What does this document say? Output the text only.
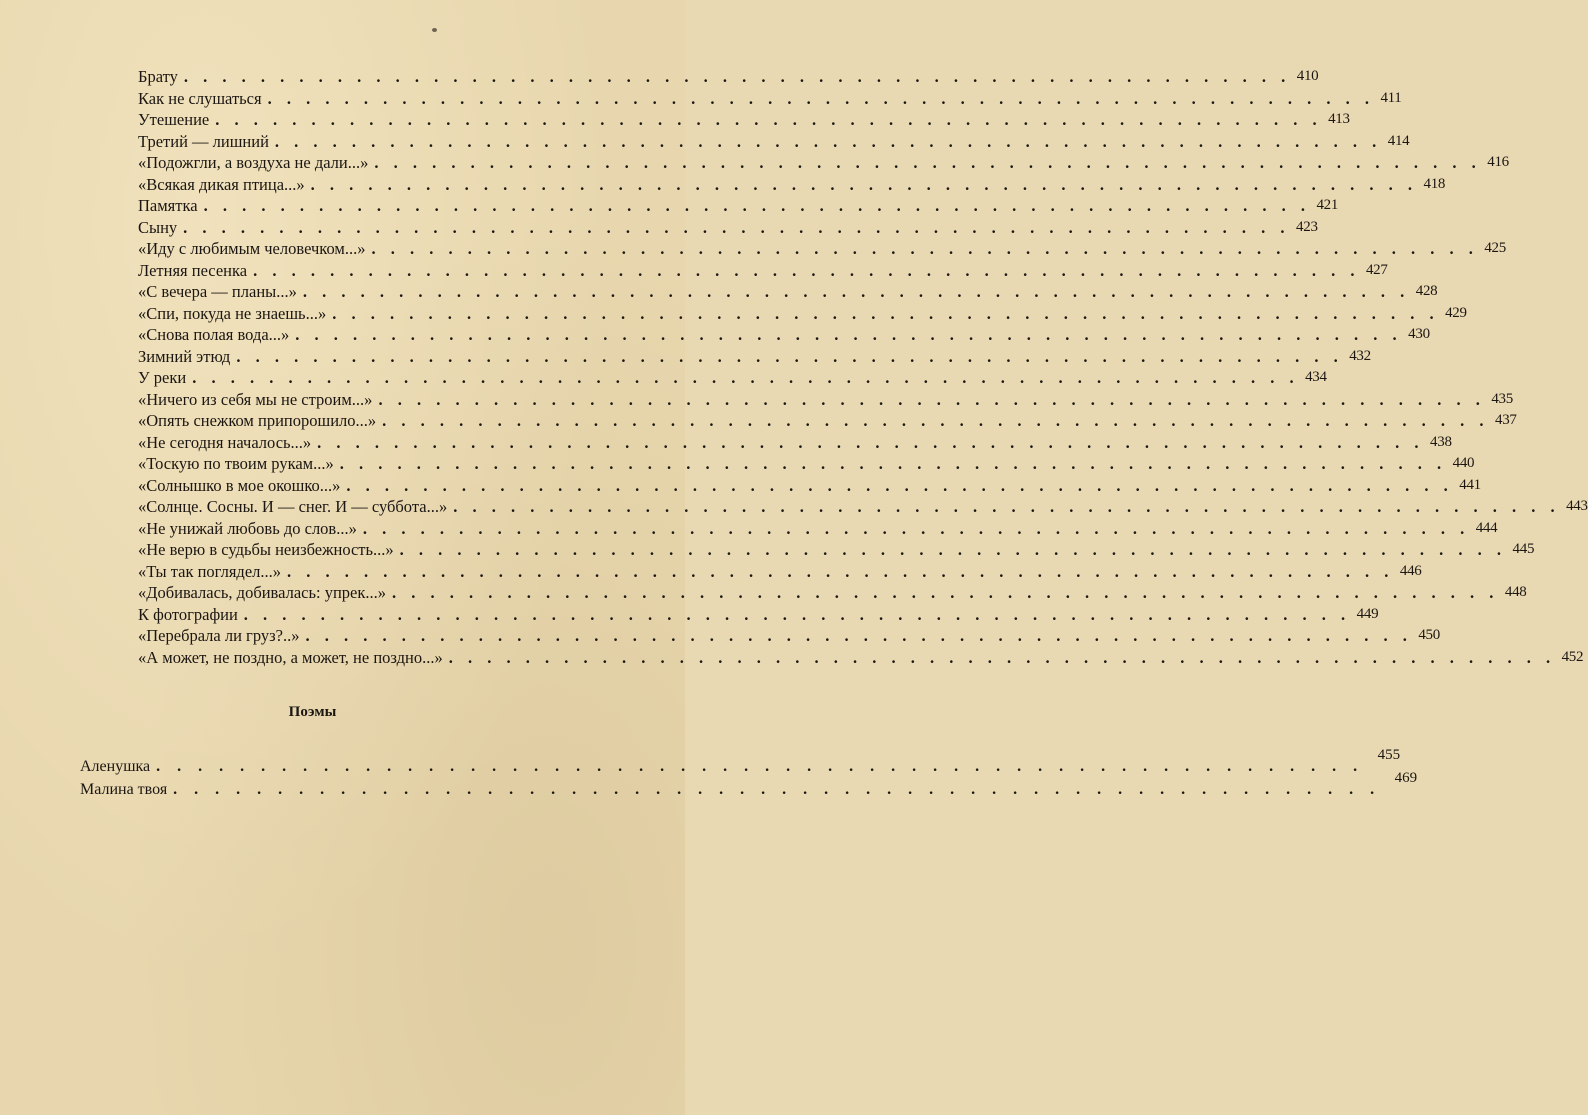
Брату . . . . . . . . . . . . . . . . . . . . . . . . . . . . . . . . . . . . . . . . . . . . . . . . . . . . . . . . . . 410
Как не слушаться . . . . . . . . . . . . . . . . . . . . . . . . . . . . . . . . . . . . . . . . . . . . . . . . . . . . . . . . . . 411
Утешение . . . . . . . . . . . . . . . . . . . . . . . . . . . . . . . . . . . . . . . . . . . . . . . . . . . . . . . . . . 413
Третий — лишний . . . . . . . . . . . . . . . . . . . . . . . . . . . . . . . . . . . . . . . . . . . . . . . . . . . . . . . . . . 414
«Подожгли, а воздуха не дали...» . . . . . . . . . . . . . . . . . . . . . . . . . . . . . . . . . . . . . . . . . . . . . . . . . . . . . . . . . . 416
«Всякая дикая птица...» . . . . . . . . . . . . . . . . . . . . . . . . . . . . . . . . . . . . . . . . . . . . . . . . . . . . . . . . . . 418
Памятка . . . . . . . . . . . . . . . . . . . . . . . . . . . . . . . . . . . . . . . . . . . . . . . . . . . . . . . . . . 421
Сыну . . . . . . . . . . . . . . . . . . . . . . . . . . . . . . . . . . . . . . . . . . . . . . . . . . . . . . . . . . 423
«Иду с любимым человечком...» . . . . . . . . . . . . . . . . . . . . . . . . . . . . . . . . . . . . . . . . . . . . . . . . . . . . . . . . . . 425
Летняя песенка . . . . . . . . . . . . . . . . . . . . . . . . . . . . . . . . . . . . . . . . . . . . . . . . . . . . . . . . . . 427
«С вечера — планы...» . . . . . . . . . . . . . . . . . . . . . . . . . . . . . . . . . . . . . . . . . . . . . . . . . . . . . . . . . . 428
«Спи, покуда не знаешь...» . . . . . . . . . . . . . . . . . . . . . . . . . . . . . . . . . . . . . . . . . . . . . . . . . . . . . . . . . . 429
«Снова полая вода...» . . . . . . . . . . . . . . . . . . . . . . . . . . . . . . . . . . . . . . . . . . . . . . . . . . . . . . . . . . 430
Зимний этюд . . . . . . . . . . . . . . . . . . . . . . . . . . . . . . . . . . . . . . . . . . . . . . . . . . . . . . . . . . 432
У реки . . . . . . . . . . . . . . . . . . . . . . . . . . . . . . . . . . . . . . . . . . . . . . . . . . . . . . . . . . 434
«Ничего из себя мы не строим...» . . . . . . . . . . . . . . . . . . . . . . . . . . . . . . . . . . . . . . . . . . . . . . . . . . . . . . . . . . 435
«Опять снежком припорошило...» . . . . . . . . . . . . . . . . . . . . . . . . . . . . . . . . . . . . . . . . . . . . . . . . . . . . . . . . . . 437
«Не сегодня началось...» . . . . . . . . . . . . . . . . . . . . . . . . . . . . . . . . . . . . . . . . . . . . . . . . . . . . . . . . . . 438
«Тоскую по твоим рукам...» . . . . . . . . . . . . . . . . . . . . . . . . . . . . . . . . . . . . . . . . . . . . . . . . . . . . . . . . . . 440
«Солнышко в мое окошко...» . . . . . . . . . . . . . . . . . . . . . . . . . . . . . . . . . . . . . . . . . . . . . . . . . . . . . . . . . . 441
«Солнце. Сосны. И — снег. И — суббота...» . . . . . . . . . . . . . . . . . . . . . . . . . . . . . . . . . . . . . . . . . . . . . . . . . . . . . . . . . . 443
«Не унижай любовь до слов...» . . . . . . . . . . . . . . . . . . . . . . . . . . . . . . . . . . . . . . . . . . . . . . . . . . . . . . . . . . 444
«Не верю в судьбы неизбежность...» . . . . . . . . . . . . . . . . . . . . . . . . . . . . . . . . . . . . . . . . . . . . . . . . . . . . . . . . . . 445
«Ты так поглядел...» . . . . . . . . . . . . . . . . . . . . . . . . . . . . . . . . . . . . . . . . . . . . . . . . . . . . . . . . . . 446
«Добивалась, добивалась: упрек...» . . . . . . . . . . . . . . . . . . . . . . . . . . . . . . . . . . . . . . . . . . . . . . . . . . . . . . . . . . 448
К фотографии . . . . . . . . . . . . . . . . . . . . . . . . . . . . . . . . . . . . . . . . . . . . . . . . . . . . . . . . . . 449
«Перебрала ли груз?..» . . . . . . . . . . . . . . . . . . . . . . . . . . . . . . . . . . . . . . . . . . . . . . . . . . . . . . . . . . 450
«А может, не поздно, а может, не поздно...» . . . . . . . . . . . . . . . . . . . . . . . . . . . . . . . . . . . . . . . . . . . . . . . . . . . . . . . . . . 452
Поэмы
Аленушка . . . . . . . . . . . . . . . . . . . . . . . . . . . . . . . . . . . . . . . . . . . . . . . . . . . . . . . . . .
455
Малина твоя . . . . . . . . . . . . . . . . . . . . . . . . . . . . . . . . . . . . . . . . . . . . . . . . . . . . . . . . . .
469
